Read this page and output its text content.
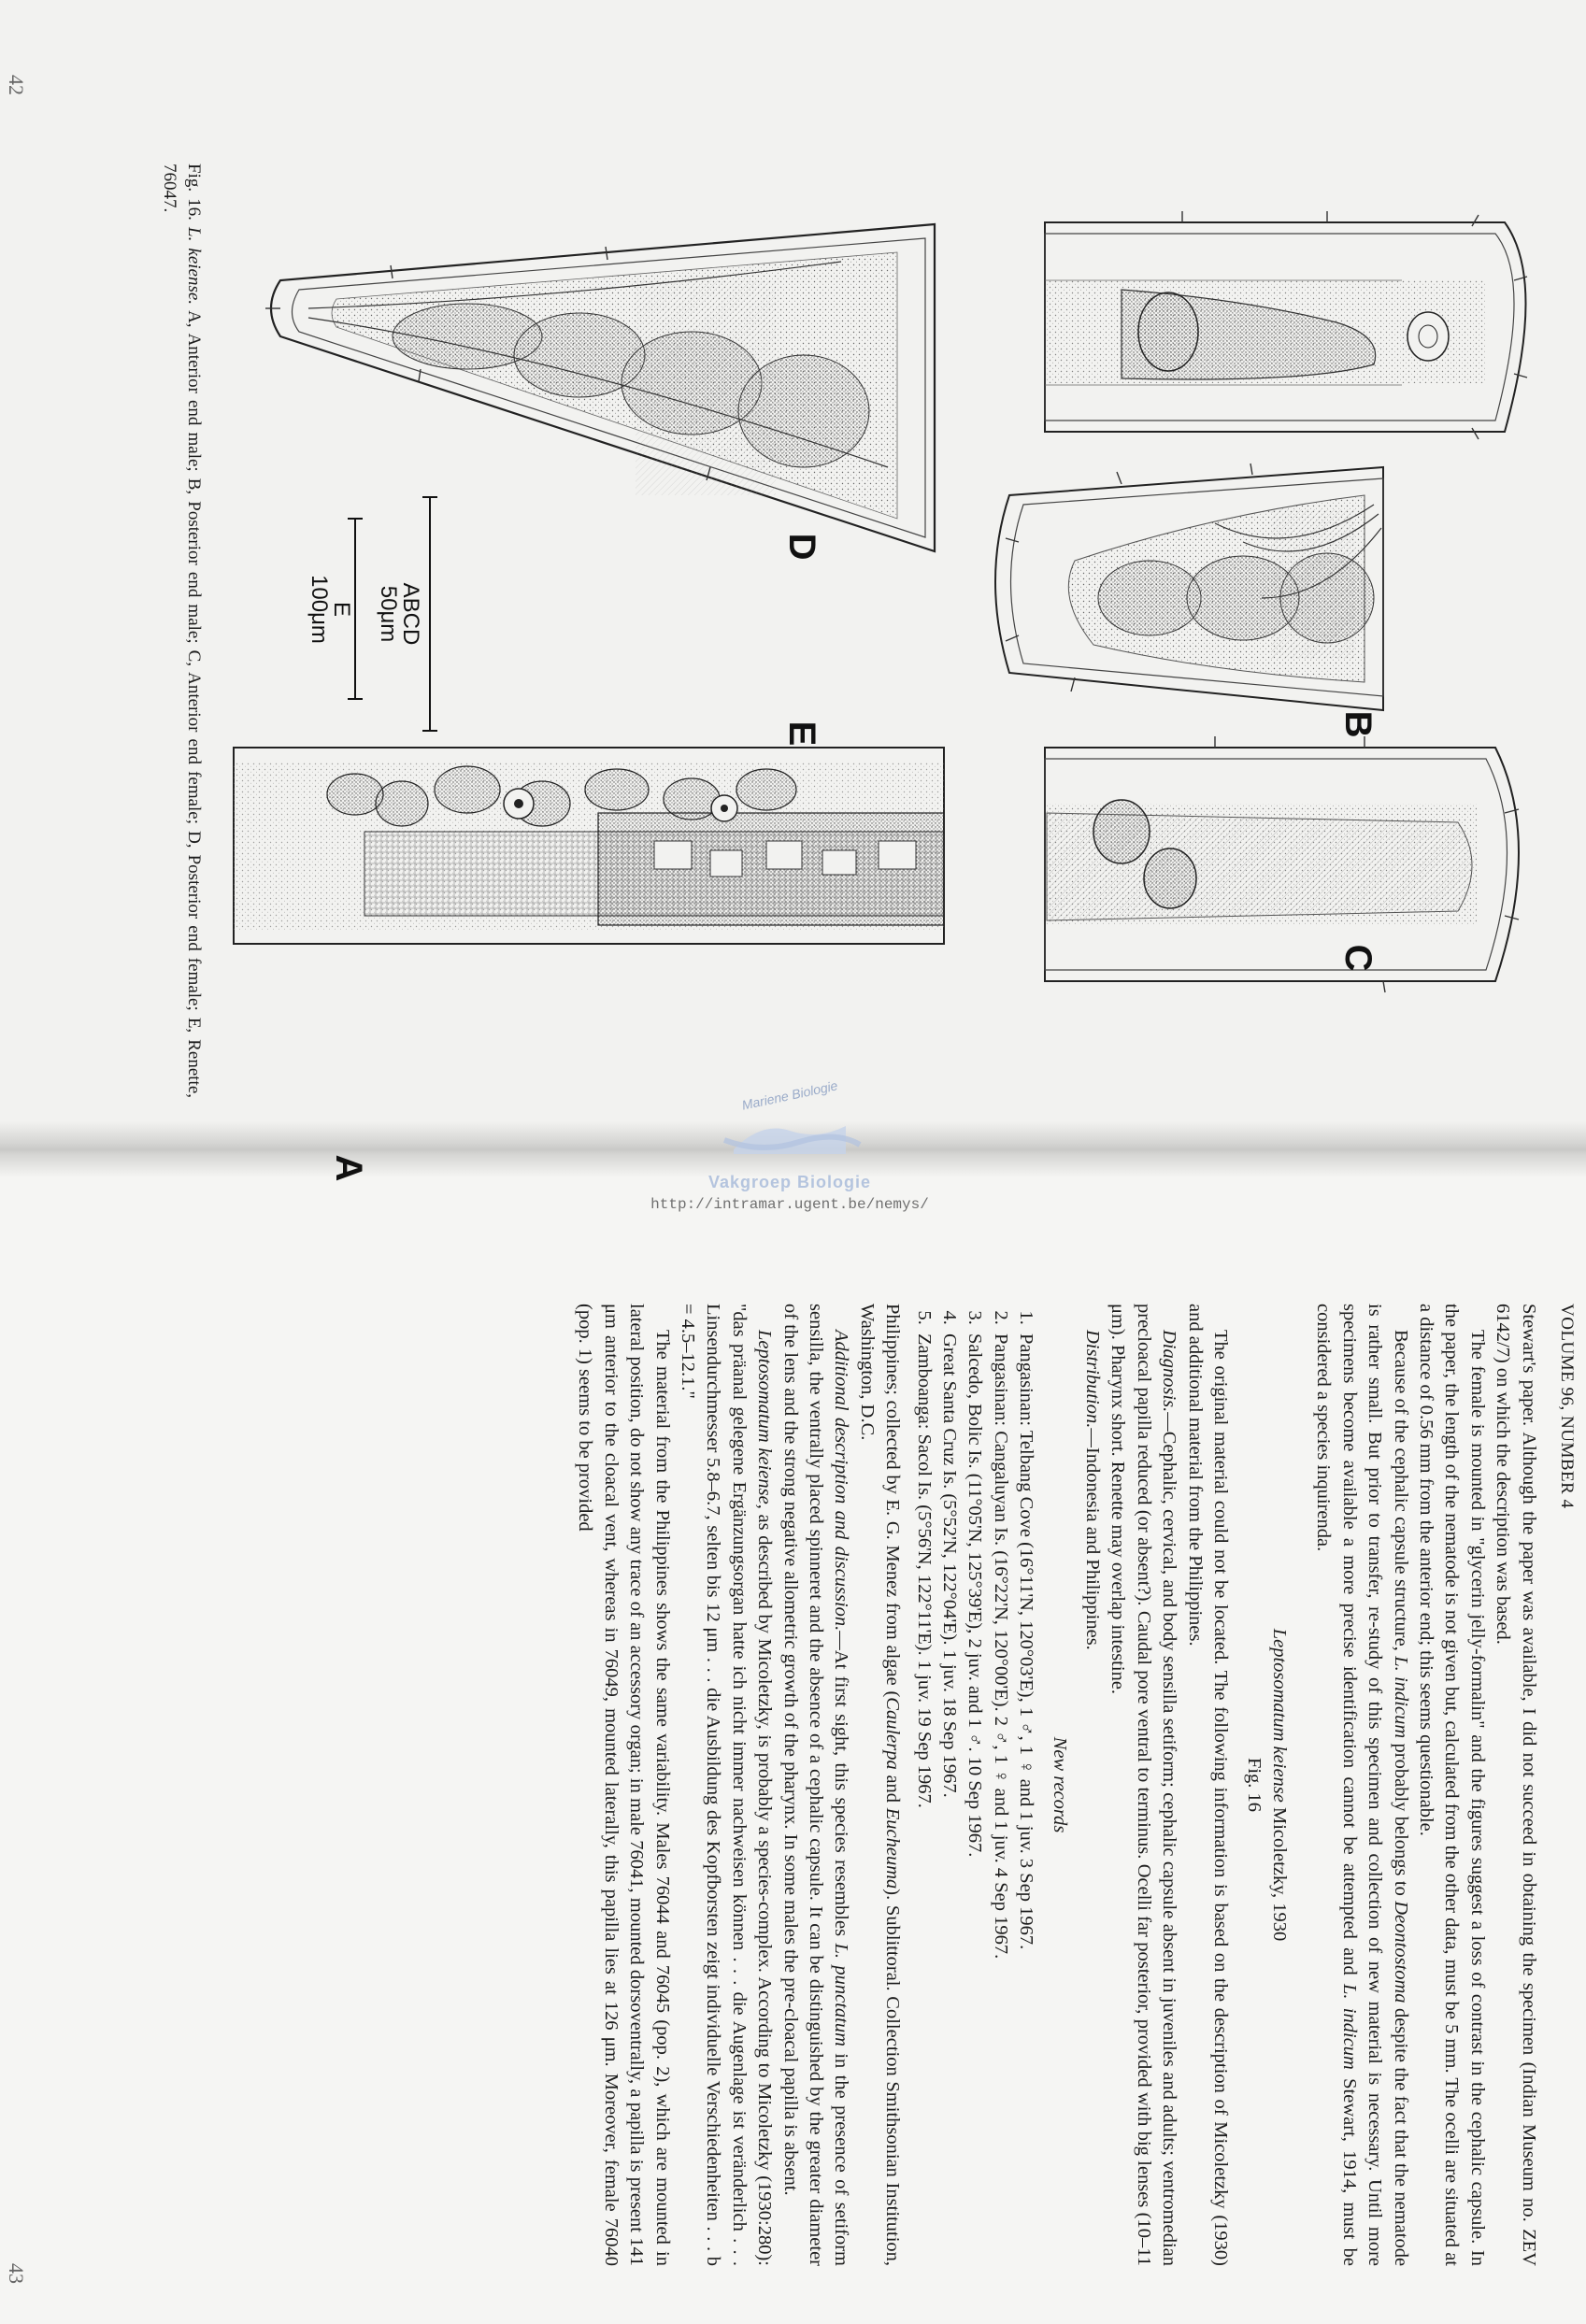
42
43
A
B
C
D
E
ABCD
50μm
E
100μm
Fig. 16. L. keiense. A, Anterior end male; B, Posterior end male; C, Anterior end female; D, Posterior end female; E, Renette, 76047.
Mariene Biologie
Vakgroep Biologie
http://intramar.ugent.be/nemys/
VOLUME 96, NUMBER 4

Stewart's paper. Although the paper was available, I did not succeed in obtaining the specimen (Indian Museum no. ZEV 6142/7) on which the description was based.

The female is mounted in "glycerin jelly-formalin" and the figures suggest a loss of contrast in the cephalic capsule. In the paper, the length of the nematode is not given but, calculated from the other data, must be 5 mm. The ocelli are situated at a distance of 0.56 mm from the anterior end; this seems questionable.

Because of the cephalic capsule structure, L. indicum probably belongs to Deontostoma despite the fact that the nematode is rather small. But prior to transfer, re-study of this specimen and collection of new material is necessary. Until more specimens become available a more precise identification cannot be attempted and L. indicum Stewart, 1914, must be considered a species inquirenda.

Leptosomatum keiense Micoletzky, 1930

Fig. 16

The original material could not be located. The following information is based on the description of Micoletzky (1930) and additional material from the Philippines.

Diagnosis.—Cephalic, cervical, and body sensilla setiform; cephalic capsule absent in juveniles and adults; ventromedian precloacal papilla reduced (or absent?). Caudal pore ventral to terminus. Ocelli far posterior, provided with big lenses (10–11 μm). Pharynx short. Renette may overlap intestine.

Distribution.—Indonesia and Philippines.

New records

1. Pangasinan: Telbang Cove (16°11'N, 120°03'E), 1 ♂, 1 ♀ and 1 juv. 3 Sep 1967.
2. Pangasinan: Cangaluyan Is. (16°22'N, 120°00'E). 2 ♂, 1 ♀ and 1 juv. 4 Sep 1967.
3. Salcedo, Bolic Is. (11°05'N, 125°39'E), 2 juv. and 1 ♂. 10 Sep 1967.
4. Great Santa Cruz Is. (5°52'N, 122°04'E). 1 juv. 18 Sep 1967.
5. Zamboanga: Sacol Is. (5°56'N, 122°11'E). 1 juv. 19 Sep 1967.

Philippines; collected by E. G. Menez from algae (Caulerpa and Eucheuma). Sublittoral. Collection Smithsonian Institution, Washington, D.C.

Additional description and discussion.—At first sight, this species resembles L. punctatum in the presence of setiform sensilla, the ventrally placed spinneret and the absence of a cephalic capsule. It can be distinguished by the greater diameter of the lens and the strong negative allometric growth of the pharynx. In some males the pre-cloacal papilla is absent.

Leptosomatum keiense, as described by Micoletzky, is probably a species-complex. According to Micoletzky (1930:280): "das präanal gelegene Ergänzungsorgan hatte ich nicht immer nachweisen können . . . die Augenlage ist veränderlich . . . Linsendurchmesser 5.8–6.7, selten bis 12 μm . . . die Ausbildung des Kopfborsten zeigt individuelle Verschiedenheiten . . . b = 4.5–12.1."

The material from the Philippines shows the same variability. Males 76044 and 76045 (pop. 2), which are mounted in lateral position, do not show any trace of an accessory organ; in male 76041, mounted dorsoventrally, a papilla is present 141 μm anterior to the cloacal vent, whereas in 76049, mounted laterally, this papilla lies at 126 μm. Moreover, female 76040 (pop. 1) seems to be provided
